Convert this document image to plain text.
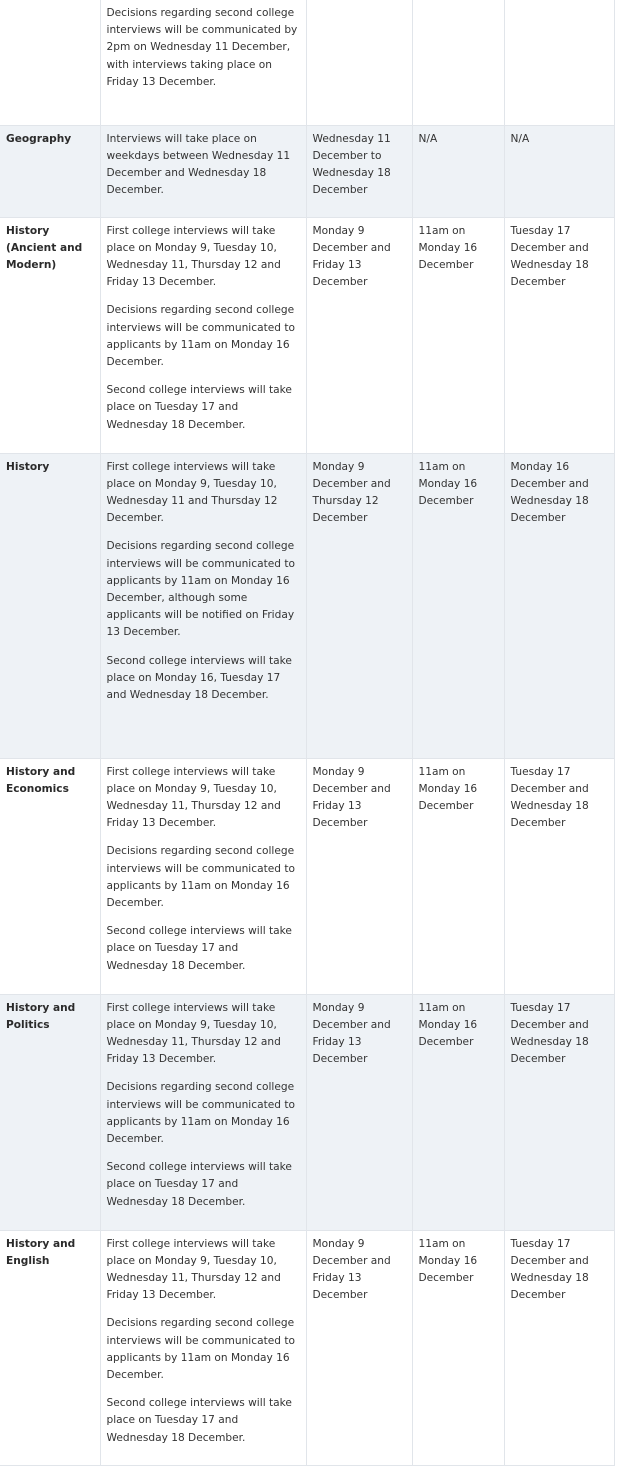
	Decisions regarding second college interviews will be communicated by 2pm on Wednesday 11 December, with interviews taking place on Friday 13 December.			

Geography	Interviews will take place on weekdays between Wednesday 11 December and Wednesday 18 December.	Wednesday 11 December to Wednesday 18 December	N/A	N/A
History (Ancient and Modern)	First college interviews will take place on Monday 9, Tuesday 10, Wednesday 11, Thursday 12 and Friday 13 December.

Decisions regarding second college interviews will be communicated to applicants by 11am on Monday 16 December.

Second college interviews will take place on Tuesday 17 and Wednesday 18 December.	Monday 9 December and Friday 13 December	11am on Monday 16 December	Tuesday 17 December and Wednesday 18 December
History	First college interviews will take place on Monday 9, Tuesday 10, Wednesday 11 and Thursday 12 December.

Decisions regarding second college interviews will be communicated to applicants by 11am on Monday 16 December, although some applicants will be notified on Friday 13 December.

Second college interviews will take place on Monday 16, Tuesday 17 and Wednesday 18 December.	Monday 9 December and Thursday 12 December	11am on Monday 16 December	Monday 16 December and Wednesday 18 December
History and Economics	First college interviews will take place on Monday 9, Tuesday 10, Wednesday 11, Thursday 12 and Friday 13 December.

Decisions regarding second college interviews will be communicated to applicants by 11am on Monday 16 December.

Second college interviews will take place on Tuesday 17 and Wednesday 18 December.	Monday 9 December and Friday 13 December	11am on Monday 16 December	Tuesday 17 December and Wednesday 18 December
History and Politics	First college interviews will take place on Monday 9, Tuesday 10, Wednesday 11, Thursday 12 and Friday 13 December.

Decisions regarding second college interviews will be communicated to applicants by 11am on Monday 16 December.

Second college interviews will take place on Tuesday 17 and Wednesday 18 December.	Monday 9 December and Friday 13 December	11am on Monday 16 December	Tuesday 17 December and Wednesday 18 December
History and English	First college interviews will take place on Monday 9, Tuesday 10, Wednesday 11, Thursday 12 and Friday 13 December.

Decisions regarding second college interviews will be communicated to applicants by 11am on Monday 16 December.

Second college interviews will take place on Tuesday 17 and Wednesday 18 December.	Monday 9 December and Friday 13 December	11am on Monday 16 December	Tuesday 17 December and Wednesday 18 December
